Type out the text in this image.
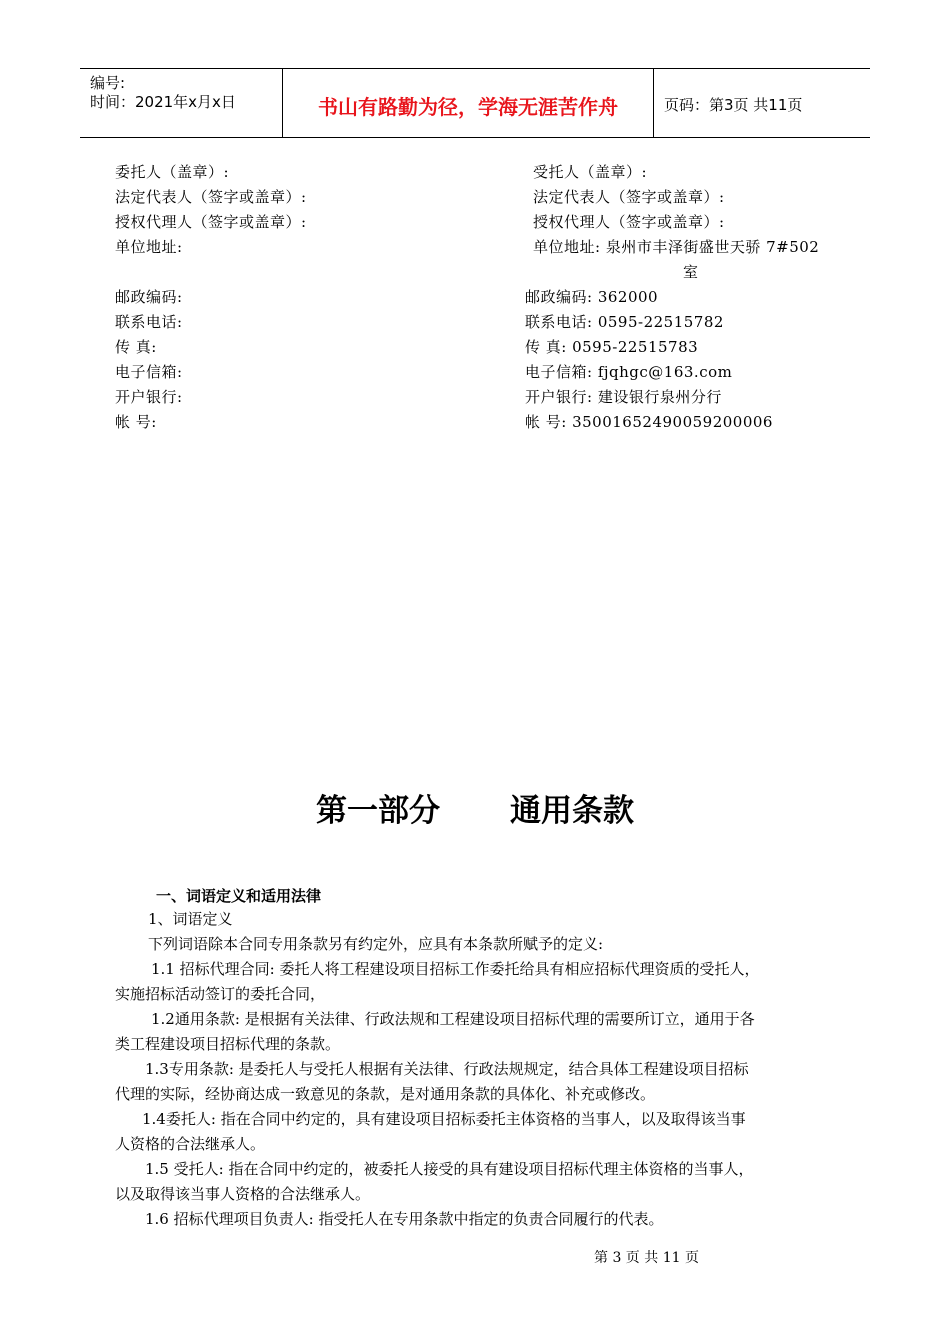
编号:
时间：2021年x月x日	书山有路勤为径，学海无涯苦作舟	页码：第3页 共11页
委托人（盖章）:
法定代表人（签字或盖章）:
授权代理人（签字或盖章）:
单位地址:
邮政编码:
联系电话:
传 真:
电子信箱:
开户银行:
帐 号:
受托人（盖章）:
法定代表人（签字或盖章）:
授权代理人（签字或盖章）:
单位地址: 泉州市丰泽街盛世天骄 7#502
室
邮政编码: 362000
联系电话: 0595-22515782
传 真: 0595-22515783
电子信箱: fjqhgc@163.com
开户银行: 建设银行泉州分行
帐 号: 35001652490059200006
第一部分 通用条款
一、词语定义和适用法律
1、词语定义
下列词语除本合同专用条款另有约定外，应具有本条款所赋予的定义:
1.1 招标代理合同: 委托人将工程建设项目招标工作委托给具有相应招标代理资质的受托人，
实施招标活动签订的委托合同，
1.2通用条款: 是根据有关法律、行政法规和工程建设项目招标代理的需要所订立，通用于各
类工程建设项目招标代理的条款。
1.3专用条款: 是委托人与受托人根据有关法律、行政法规规定，结合具体工程建设项目招标
代理的实际，经协商达成一致意见的条款，是对通用条款的具体化、补充或修改。
1.4委托人: 指在合同中约定的，具有建设项目招标委托主体资格的当事人，以及取得该当事
人资格的合法继承人。
1.5 受托人: 指在合同中约定的，被委托人接受的具有建设项目招标代理主体资格的当事人，
以及取得该当事人资格的合法继承人。
1.6 招标代理项目负责人: 指受托人在专用条款中指定的负责合同履行的代表。
第 3 页 共 11 页
